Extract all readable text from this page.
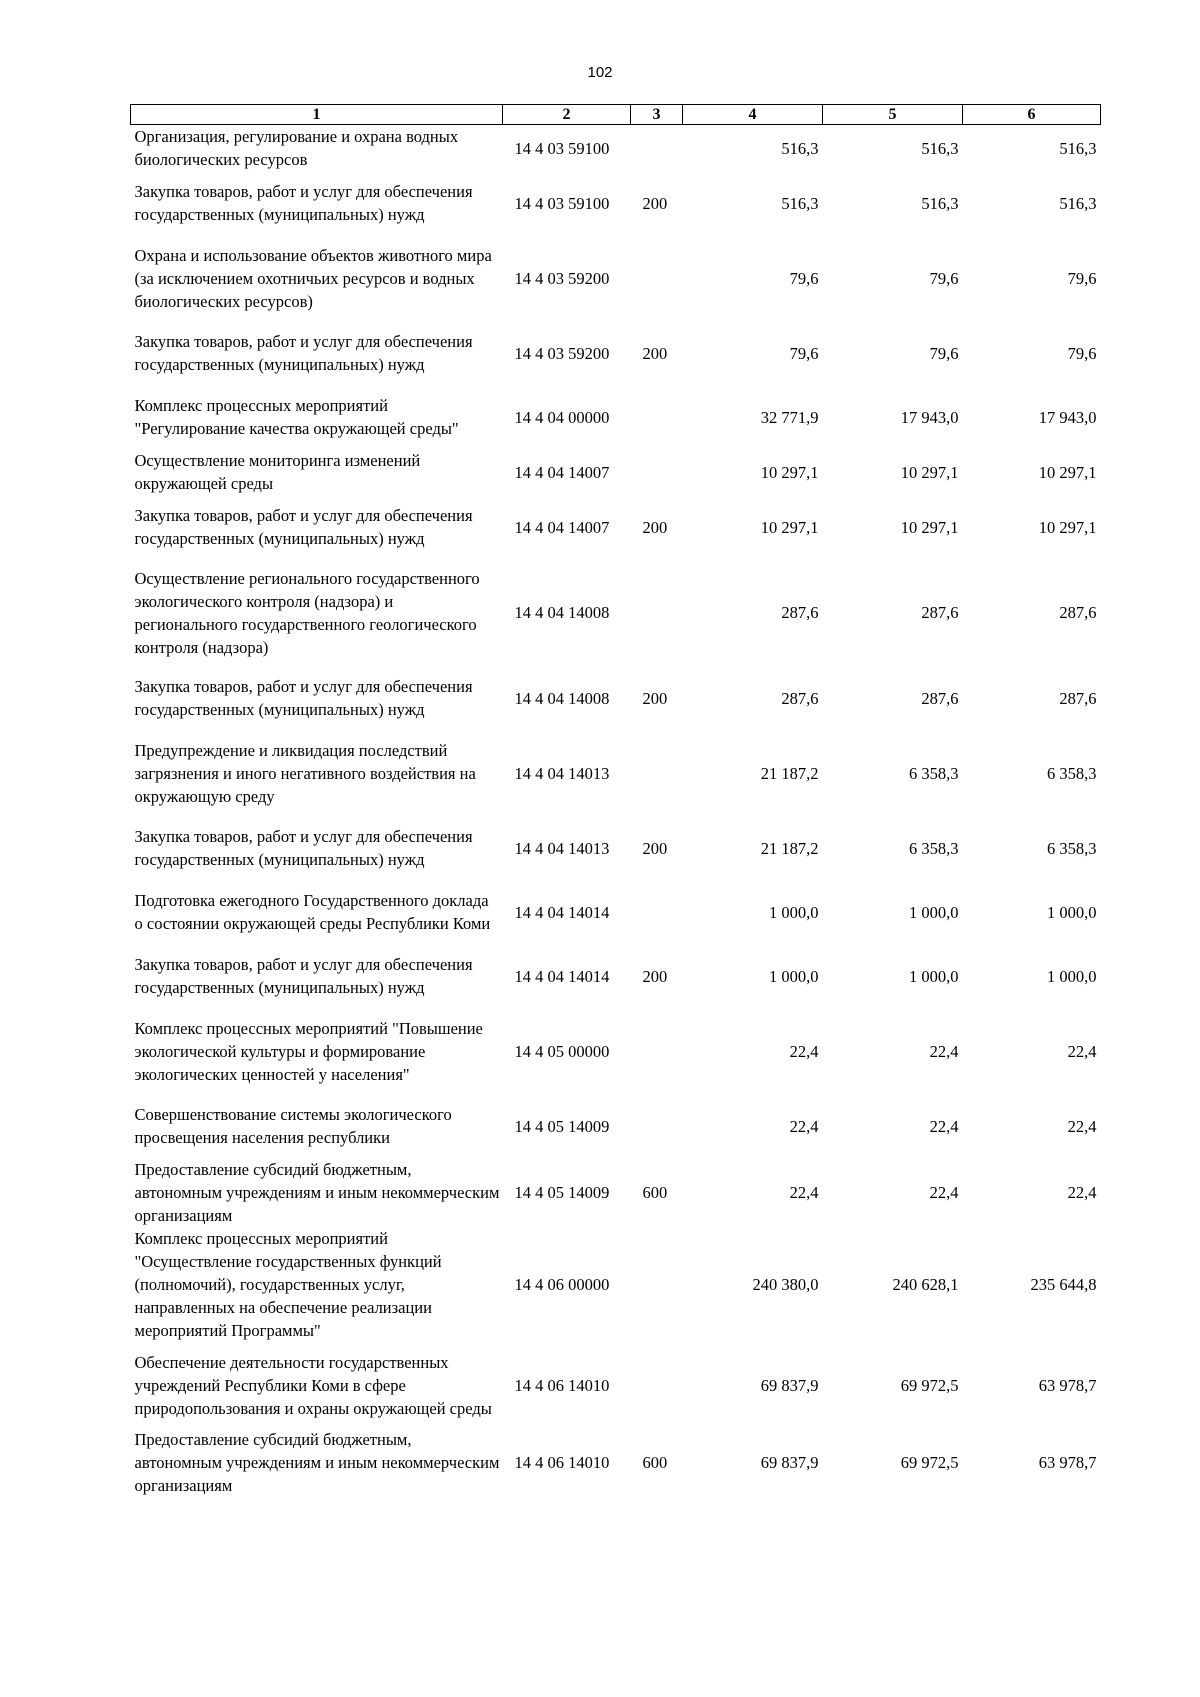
102
1	2	3	4	5	6
Организация, регулирование и охрана водных биологических ресурсов	14 4 03 59100		516,3	516,3	516,3
Закупка товаров, работ и услуг для обеспечения государственных (муниципальных) нужд	14 4 03 59100	200	516,3	516,3	516,3
Охрана и использование объектов животного мира (за исключением охотничьих ресурсов и водных биологических ресурсов)	14 4 03 59200		79,6	79,6	79,6
Закупка товаров, работ и услуг для обеспечения государственных (муниципальных) нужд	14 4 03 59200	200	79,6	79,6	79,6
Комплекс процессных мероприятий "Регулирование качества окружающей среды"	14 4 04 00000		32 771,9	17 943,0	17 943,0
Осуществление мониторинга изменений окружающей среды	14 4 04 14007		10 297,1	10 297,1	10 297,1
Закупка товаров, работ и услуг для обеспечения государственных (муниципальных) нужд	14 4 04 14007	200	10 297,1	10 297,1	10 297,1
Осуществление регионального государственного экологического контроля (надзора) и регионального государственного геологического контроля (надзора)	14 4 04 14008		287,6	287,6	287,6
Закупка товаров, работ и услуг для обеспечения государственных (муниципальных) нужд	14 4 04 14008	200	287,6	287,6	287,6
Предупреждение и ликвидация последствий загрязнения и иного негативного воздействия на окружающую среду	14 4 04 14013		21 187,2	6 358,3	6 358,3
Закупка товаров, работ и услуг для обеспечения государственных (муниципальных) нужд	14 4 04 14013	200	21 187,2	6 358,3	6 358,3
Подготовка ежегодного Государственного доклада о состоянии окружающей среды Республики Коми	14 4 04 14014		1 000,0	1 000,0	1 000,0
Закупка товаров, работ и услуг для обеспечения государственных (муниципальных) нужд	14 4 04 14014	200	1 000,0	1 000,0	1 000,0
Комплекс процессных мероприятий "Повышение экологической культуры и формирование экологических ценностей у населения"	14 4 05 00000		22,4	22,4	22,4
Совершенствование системы экологического просвещения населения республики	14 4 05 14009		22,4	22,4	22,4
Предоставление субсидий бюджетным, автономным учреждениям и иным некоммерческим организациям	14 4 05 14009	600	22,4	22,4	22,4
Комплекс процессных мероприятий "Осуществление государственных функций (полномочий), государственных услуг, направленных на обеспечение реализации мероприятий Программы"	14 4 06 00000		240 380,0	240 628,1	235 644,8
Обеспечение деятельности государственных учреждений Республики Коми в сфере природопользования и охраны окружающей среды	14 4 06 14010		69 837,9	69 972,5	63 978,7
Предоставление субсидий бюджетным, автономным учреждениям и иным некоммерческим организациям	14 4 06 14010	600	69 837,9	69 972,5	63 978,7
